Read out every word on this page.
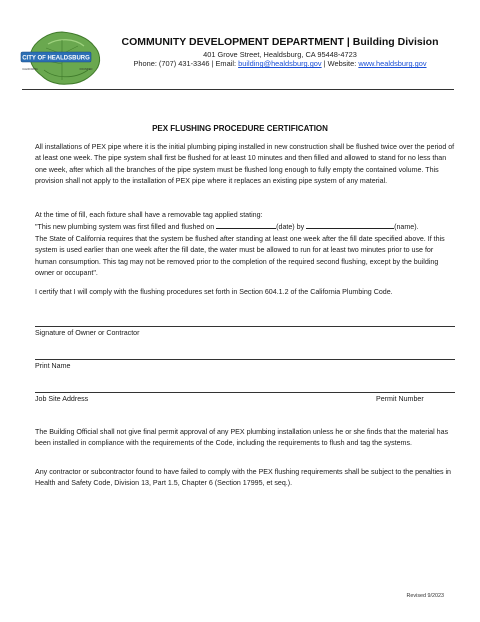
CITY OF HEALDSBURG
CALIFORNIA	FOUNDED
COMMUNITY DEVELOPMENT DEPARTMENT | Building Division
401 Grove Street, Healdsburg, CA 95448-4723
Phone: (707) 431-3346 | Email: building@healdsburg.gov | Website: www.healdsburg.gov
PEX FLUSHING PROCEDURE CERTIFICATION

All installations of PEX pipe where it is the initial plumbing piping installed in new construction shall be flushed twice over the period of at least one week. The pipe system shall first be flushed for at least 10 minutes and then filled and allowed to stand for no less than one week, after which all the branches of the pipe system must be flushed long enough to fully empty the contained volume. This provision shall not apply to the installation of PEX pipe where it replaces an existing pipe system of any material.

At the time of fill, each fixture shall have a removable tag applied stating:

"This new plumbing system was first filled and flushed on	(date) by	(name).

The State of California requires that the system be flushed after standing at least one week after the fill date specified above. If this system is used earlier than one week after the fill date, the water must be allowed to run for at least two minutes prior to use for human consumption. This tag may not be removed prior to the completion of the required second flushing, except by the building owner or occupant".

I certify that I will comply with the flushing procedures set forth in Section 604.1.2 of the California Plumbing Code.

Signature of Owner or Contractor
Print Name
Job Site Address	Permit Number

The Building Official shall not give final permit approval of any PEX plumbing installation unless he or she finds that the material has been installed in compliance with the requirements of the Code, including the requirements to flush and tag the systems.

Any contractor or subcontractor found to have failed to comply with the PEX flushing requirements shall be subject to the penalties in Health and Safety Code, Division 13, Part 1.5, Chapter 6 (Section 17995, et seq.).

Revised 9/2023
